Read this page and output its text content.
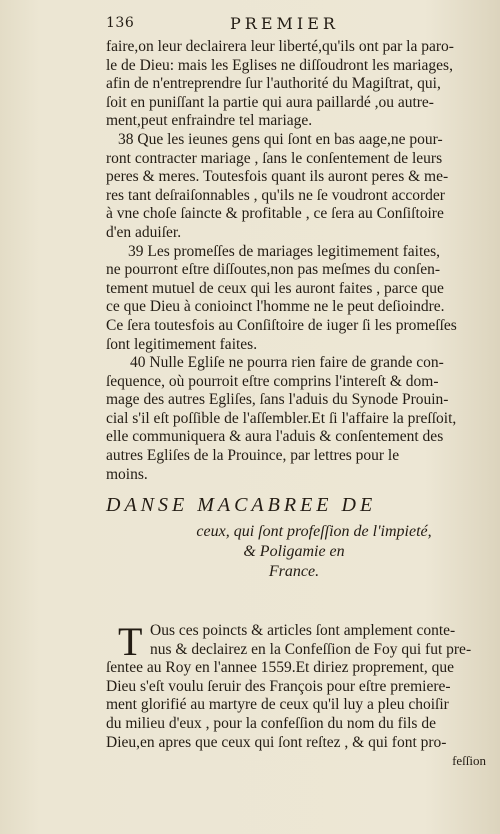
136	PREMIER
faire,on leur declairera leur liberté,qu'ils ont par la paro-
le de Dieu: mais les Eglises ne diſſoudront les mariages,
afin de n'entreprendre ſur l'authorité du Magiſtrat, qui,
ſoit en puniſſant la partie qui aura paillardé ,ou autre-
ment,peut enfraindre tel mariage.
38 Que les ieunes gens qui ſont en bas aage,ne pour-
ront contracter mariage , ſans le conſentement de leurs
peres & meres. Toutesfois quant ils auront peres & me-
res tant deſraiſonnables , qu'ils ne ſe voudront accorder
à vne choſe ſaincte & profitable , ce ſera au Conſiſtoire
d'en aduiſer.
39 Les promeſſes de mariages legitimement faites,
ne pourront eſtre diſſoutes,non pas meſmes du conſen-
tement mutuel de ceux qui les auront faites , parce que
ce que Dieu à conioinct l'homme ne le peut deſioindre.
Ce ſera toutesfois au Conſiſtoire de iuger ſi les promeſſes
ſont legitimement faites.
40 Nulle Egliſe ne pourra rien faire de grande con-
ſequence, où pourroit eſtre comprins l'intereſt & dom-
mage des autres Egliſes, ſans l'aduis du Synode Prouin-
cial s'il eſt poſſible de l'aſſembler.Et ſi l'affaire la preſſoit,
elle communiquera & aura l'aduis & conſentement des
autres Egliſes de la Prouince, par lettres pour le
moins.
DANSE MACABREE DE
ceux, qui ſont profeſſion de l'impieté,
& Poligamie en
France.
T Ous ces poincts & articles ſont amplement conte-
nus & declairez en la Confeſſion de Foy qui fut pre-
ſentee au Roy en l'annee 1559.Et diriez proprement, que
Dieu s'eſt voulu ſeruir des François pour eſtre premiere-
ment glorifié au martyre de ceux qu'il luy a pleu choiſir
du milieu d'eux , pour la confeſſion du nom du fils de
Dieu,en apres que ceux qui ſont reſtez , & qui font pro-
feſſion
